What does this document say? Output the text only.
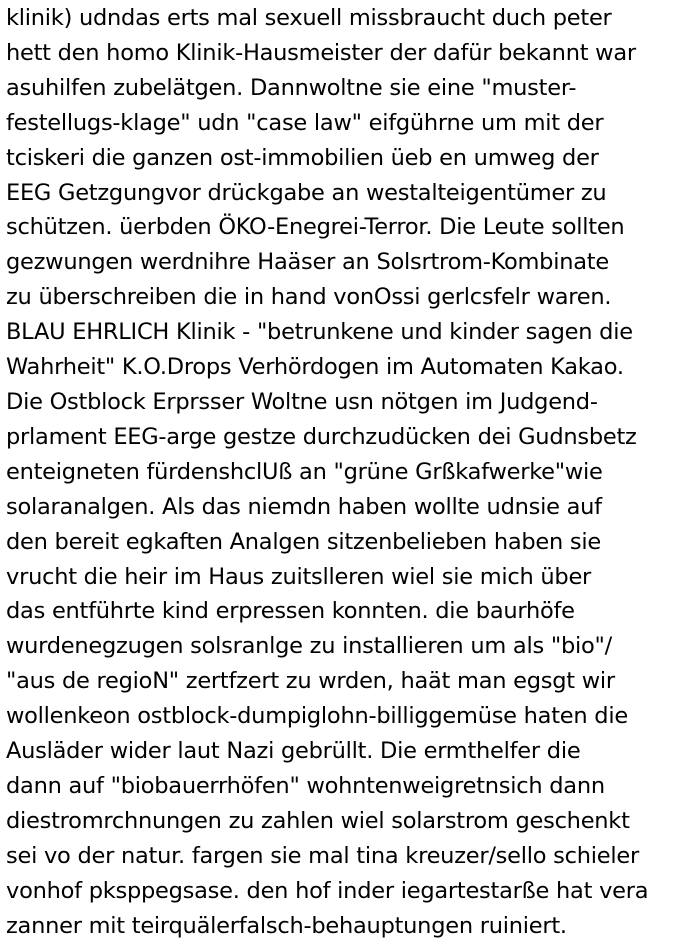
klinik) udndas erts mal sexuell missbraucht duch peter
hett den homo Klinik-Hausmeister der dafür bekannt war
asuhilfen zubelätgen. Dannwoltne sie eine "muster-
festellugs-klage" udn "case law" eifgührne um mit der
tciskeri die ganzen ost-immobilien üeb en umweg der
EEG Getzgungvor drückgabe an westalteigentümer zu
schützen. üerbden ÖKO-Enegrei-Terror. Die Leute sollten
gezwungen werdnihre Haäser an Solsrtrom-Kombinate
zu überschreiben die in hand vonOssi gerlcsfelr waren.
BLAU EHRLICH Klinik - "betrunkene und kinder sagen die
Wahrheit" K.O.Drops Verhördogen im Automaten Kakao.
Die Ostblock Erprsser Woltne usn nötgen im Judgend-
prlament EEG-arge gestze durchzudücken dei Gudnsbetz
enteigneten fürdenshclUß an "grüne Grßkafwerke"wie
solaranalgen. Als das niemdn haben wollte udnsie auf
den bereit egkaften Analgen sitzenbelieben haben sie
vrucht die heir im Haus zuitslleren wiel sie mich über
das entführte kind erpressen konnten. die baurhöfe
wurdenegzugen solsranlge zu installieren um als "bio"/
"aus de regioN" zertfzert zu wrden, haät man egsgt wir
wollenkeon ostblock-dumpiglohn-billiggemüse haten die
Ausläder wider laut Nazi gebrüllt. Die ermthelfer die
dann auf "biobauerrhöfen" wohntenweigretnsich dann
diestromrchnungen zu zahlen wiel solarstrom geschenkt
sei vo der natur. fargen sie mal tina kreuzer/sello schieler
vonhof pksppegsase. den hof inder iegartestarße hat vera
zanner mit teirquälerfalsch-behauptungen ruiniert.
